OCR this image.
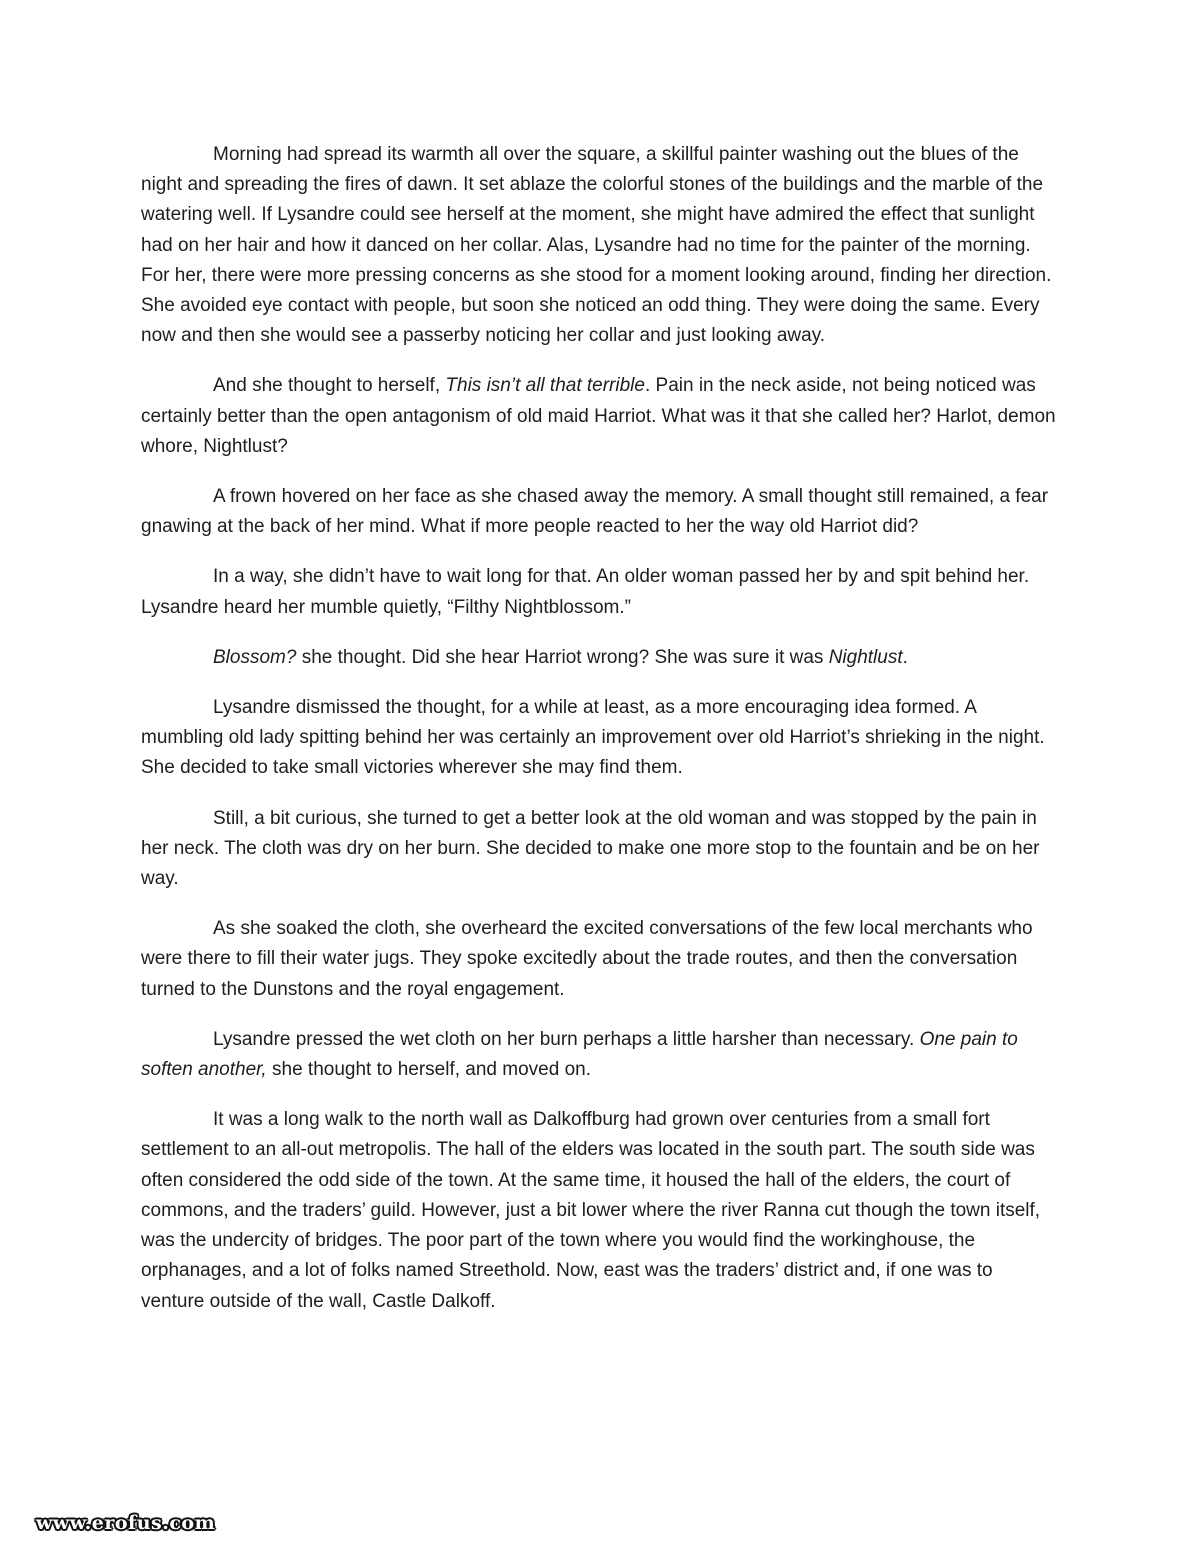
Morning had spread its warmth all over the square, a skillful painter washing out the blues of the night and spreading the fires of dawn. It set ablaze the colorful stones of the buildings and the marble of the watering well. If Lysandre could see herself at the moment, she might have admired the effect that sunlight had on her hair and how it danced on her collar. Alas, Lysandre had no time for the painter of the morning. For her, there were more pressing concerns as she stood for a moment looking around, finding her direction. She avoided eye contact with people, but soon she noticed an odd thing. They were doing the same. Every now and then she would see a passerby noticing her collar and just looking away.

And she thought to herself, This isn’t all that terrible. Pain in the neck aside, not being noticed was certainly better than the open antagonism of old maid Harriot. What was it that she called her? Harlot, demon whore, Nightlust?

A frown hovered on her face as she chased away the memory. A small thought still remained, a fear gnawing at the back of her mind. What if more people reacted to her the way old Harriot did?

In a way, she didn’t have to wait long for that. An older woman passed her by and spit behind her. Lysandre heard her mumble quietly, “Filthy Nightblossom.”

Blossom? she thought. Did she hear Harriot wrong? She was sure it was Nightlust.

Lysandre dismissed the thought, for a while at least, as a more encouraging idea formed. A mumbling old lady spitting behind her was certainly an improvement over old Harriot’s shrieking in the night. She decided to take small victories wherever she may find them.

Still, a bit curious, she turned to get a better look at the old woman and was stopped by the pain in her neck. The cloth was dry on her burn. She decided to make one more stop to the fountain and be on her way.

As she soaked the cloth, she overheard the excited conversations of the few local merchants who were there to fill their water jugs. They spoke excitedly about the trade routes, and then the conversation turned to the Dunstons and the royal engagement.

Lysandre pressed the wet cloth on her burn perhaps a little harsher than necessary. One pain to soften another, she thought to herself, and moved on.

It was a long walk to the north wall as Dalkoffburg had grown over centuries from a small fort settlement to an all-out metropolis. The hall of the elders was located in the south part. The south side was often considered the odd side of the town. At the same time, it housed the hall of the elders, the court of commons, and the traders’ guild. However, just a bit lower where the river Ranna cut though the town itself, was the undercity of bridges. The poor part of the town where you would find the workinghouse, the orphanages, and a lot of folks named Streethold. Now, east was the traders’ district and, if one was to venture outside of the wall, Castle Dalkoff.

www.erofus.com
